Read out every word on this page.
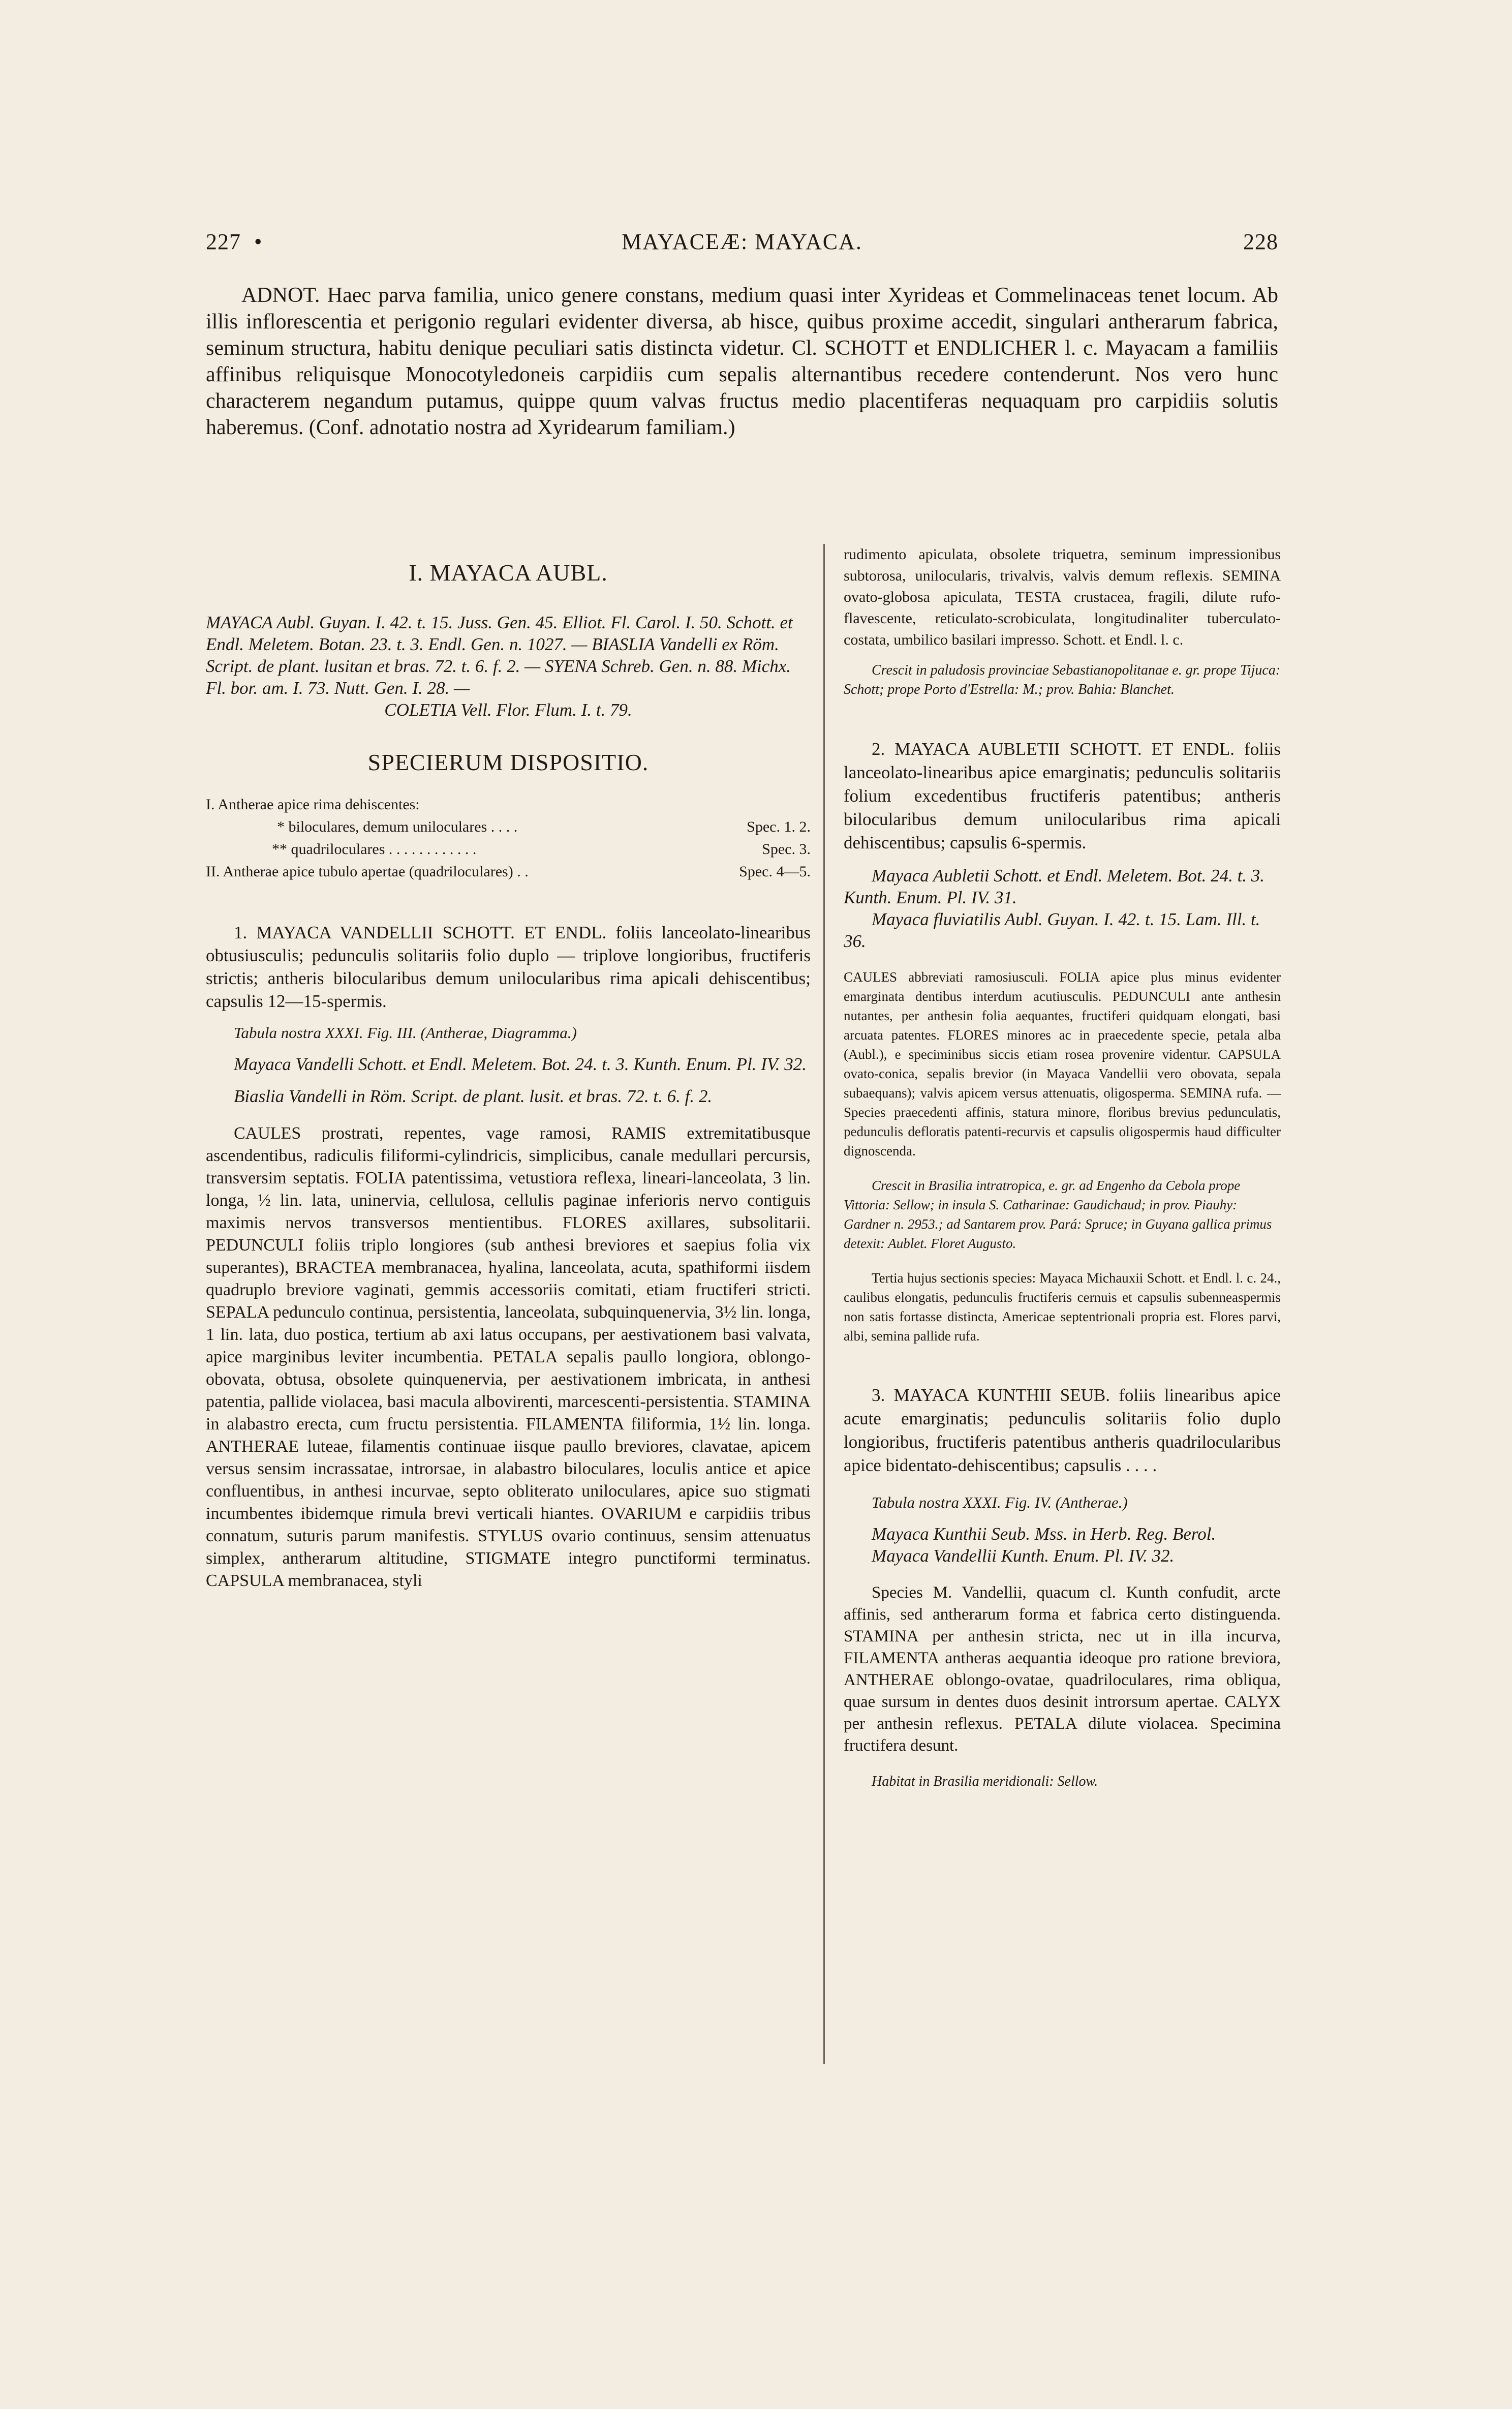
227 •	MAYACEÆ: MAYACA.	228

ADNOT. Haec parva familia, unico genere constans, medium quasi inter Xyrideas et Commelinaceas tenet locum. Ab illis inflorescentia et perigonio regulari evidenter diversa, ab hisce, quibus proxime accedit, singulari antherarum fabrica, seminum structura, habitu denique peculiari satis distincta videtur. Cl. SCHOTT et ENDLICHER l. c. Mayacam a familiis affinibus reliquisque Monocotyledoneis carpidiis cum sepalis alternantibus recedere contenderunt. Nos vero hunc characterem negandum putamus, quippe quum valvas fructus medio placentiferas nequaquam pro carpidiis solutis haberemus. (Conf. adnotatio nostra ad Xyridearum familiam.)

I. MAYACA AUBL.

MAYACA Aubl. Guyan. I. 42. t. 15. Juss. Gen. 45. Elliot. Fl. Carol. I. 50. Schott. et Endl. Meletem. Botan. 23. t. 3. Endl. Gen. n. 1027. — BIASLIA Vandelli ex Röm. Script. de plant. lusitan et bras. 72. t. 6. f. 2. — SYENA Schreb. Gen. n. 88. Michx. Fl. bor. am. I. 73. Nutt. Gen. I. 28. —

COLETIA Vell. Flor. Flum. I. t. 79.

SPECIERUM DISPOSITIO.
I. Antherae apice rima dehiscentes:
* biloculares, demum uniloculares . . . .	Spec. 1. 2.
** quadriloculares . . . . . . . . . . . .	Spec. 3.
II. Antherae apice tubulo apertae (quadriloculares) . .	Spec. 4—5.

1. MAYACA VANDELLII SCHOTT. ET ENDL. foliis lanceolato-linearibus obtusiusculis; pedunculis solitariis folio duplo — triplove longioribus, fructiferis strictis; antheris bilocularibus demum unilocularibus rima apicali dehiscentibus; capsulis 12—15-spermis.

Tabula nostra XXXI. Fig. III. (Antherae, Diagramma.)

Mayaca Vandelli Schott. et Endl. Meletem. Bot. 24. t. 3. Kunth. Enum. Pl. IV. 32.

Biaslia Vandelli in Röm. Script. de plant. lusit. et bras. 72. t. 6. f. 2.

CAULES prostrati, repentes, vage ramosi, RAMIS extremitatibusque ascendentibus, radiculis filiformi-cylindricis, simplicibus, canale medullari percursis, transversim septatis. FOLIA patentissima, vetustiora reflexa, lineari-lanceolata, 3 lin. longa, ½ lin. lata, uninervia, cellulosa, cellulis paginae inferioris nervo contiguis maximis nervos transversos mentientibus. FLORES axillares, subsolitarii. PEDUNCULI foliis triplo longiores (sub anthesi breviores et saepius folia vix superantes), BRACTEA membranacea, hyalina, lanceolata, acuta, spathiformi iisdem quadruplo breviore vaginati, gemmis accessoriis comitati, etiam fructiferi stricti. SEPALA pedunculo continua, persistentia, lanceolata, subquinquenervia, 3½ lin. longa, 1 lin. lata, duo postica, tertium ab axi latus occupans, per aestivationem basi valvata, apice marginibus leviter incumbentia. PETALA sepalis paullo longiora, oblongo-obovata, obtusa, obsolete quinquenervia, per aestivationem imbricata, in anthesi patentia, pallide violacea, basi macula albovirenti, marcescenti-persistentia. STAMINA in alabastro erecta, cum fructu persistentia. FILAMENTA filiformia, 1½ lin. longa. ANTHERAE luteae, filamentis continuae iisque paullo breviores, clavatae, apicem versus sensim incrassatae, introrsae, in alabastro biloculares, loculis antice et apice confluentibus, in anthesi incurvae, septo obliterato uniloculares, apice suo stigmati incumbentes ibidemque rimula brevi verticali hiantes. OVARIUM e carpidiis tribus connatum, suturis parum manifestis. STYLUS ovario continuus, sensim attenuatus simplex, antherarum altitudine, STIGMATE integro punctiformi terminatus. CAPSULA membranacea, styli

rudimento apiculata, obsolete triquetra, seminum impressionibus subtorosa, unilocularis, trivalvis, valvis demum reflexis. SEMINA ovato-globosa apiculata, TESTA crustacea, fragili, dilute rufo-flavescente, reticulato-scrobiculata, longitudinaliter tuberculato-costata, umbilico basilari impresso. Schott. et Endl. l. c.

Crescit in paludosis provinciae Sebastianopolitanae e. gr. prope Tijuca: Schott; prope Porto d'Estrella: M.; prov. Bahia: Blanchet.

2. MAYACA AUBLETII SCHOTT. ET ENDL. foliis lanceolato-linearibus apice emarginatis; pedunculis solitariis folium excedentibus fructiferis patentibus; antheris bilocularibus demum unilocularibus rima apicali dehiscentibus; capsulis 6-spermis.

Mayaca Aubletii Schott. et Endl. Meletem. Bot. 24. t. 3. Kunth. Enum. Pl. IV. 31.

Mayaca fluviatilis Aubl. Guyan. I. 42. t. 15. Lam. Ill. t. 36.

CAULES abbreviati ramosiusculi. FOLIA apice plus minus evidenter emarginata dentibus interdum acutiusculis. PEDUNCULI ante anthesin nutantes, per anthesin folia aequantes, fructiferi quidquam elongati, basi arcuata patentes. FLORES minores ac in praecedente specie, petala alba (Aubl.), e speciminibus siccis etiam rosea provenire videntur. CAPSULA ovato-conica, sepalis brevior (in Mayaca Vandellii vero obovata, sepala subaequans); valvis apicem versus attenuatis, oligosperma. SEMINA rufa. — Species praecedenti affinis, statura minore, floribus brevius pedunculatis, pedunculis defloratis patenti-recurvis et capsulis oligospermis haud difficulter dignoscenda.

Crescit in Brasilia intratropica, e. gr. ad Engenho da Cebola prope Vittoria: Sellow; in insula S. Catharinae: Gaudichaud; in prov. Piauhy: Gardner n. 2953.; ad Santarem prov. Pará: Spruce; in Guyana gallica primus detexit: Aublet. Floret Augusto.

Tertia hujus sectionis species: Mayaca Michauxii Schott. et Endl. l. c. 24., caulibus elongatis, pedunculis fructiferis cernuis et capsulis subenneaspermis non satis fortasse distincta, Americae septentrionali propria est. Flores parvi, albi, semina pallide rufa.

3. MAYACA KUNTHII SEUB. foliis linearibus apice acute emarginatis; pedunculis solitariis folio duplo longioribus, fructiferis patentibus antheris quadrilocularibus apice bidentato-dehiscentibus; capsulis . . . .

Tabula nostra XXXI. Fig. IV. (Antherae.)

Mayaca Kunthii Seub. Mss. in Herb. Reg. Berol.

Mayaca Vandellii Kunth. Enum. Pl. IV. 32.

Species M. Vandellii, quacum cl. Kunth confudit, arcte affinis, sed antherarum forma et fabrica certo distinguenda. STAMINA per anthesin stricta, nec ut in illa incurva, FILAMENTA antheras aequantia ideoque pro ratione breviora, ANTHERAE oblongo-ovatae, quadriloculares, rima obliqua, quae sursum in dentes duos desinit introrsum apertae. CALYX per anthesin reflexus. PETALA dilute violacea. Specimina fructifera desunt.

Habitat in Brasilia meridionali: Sellow.
